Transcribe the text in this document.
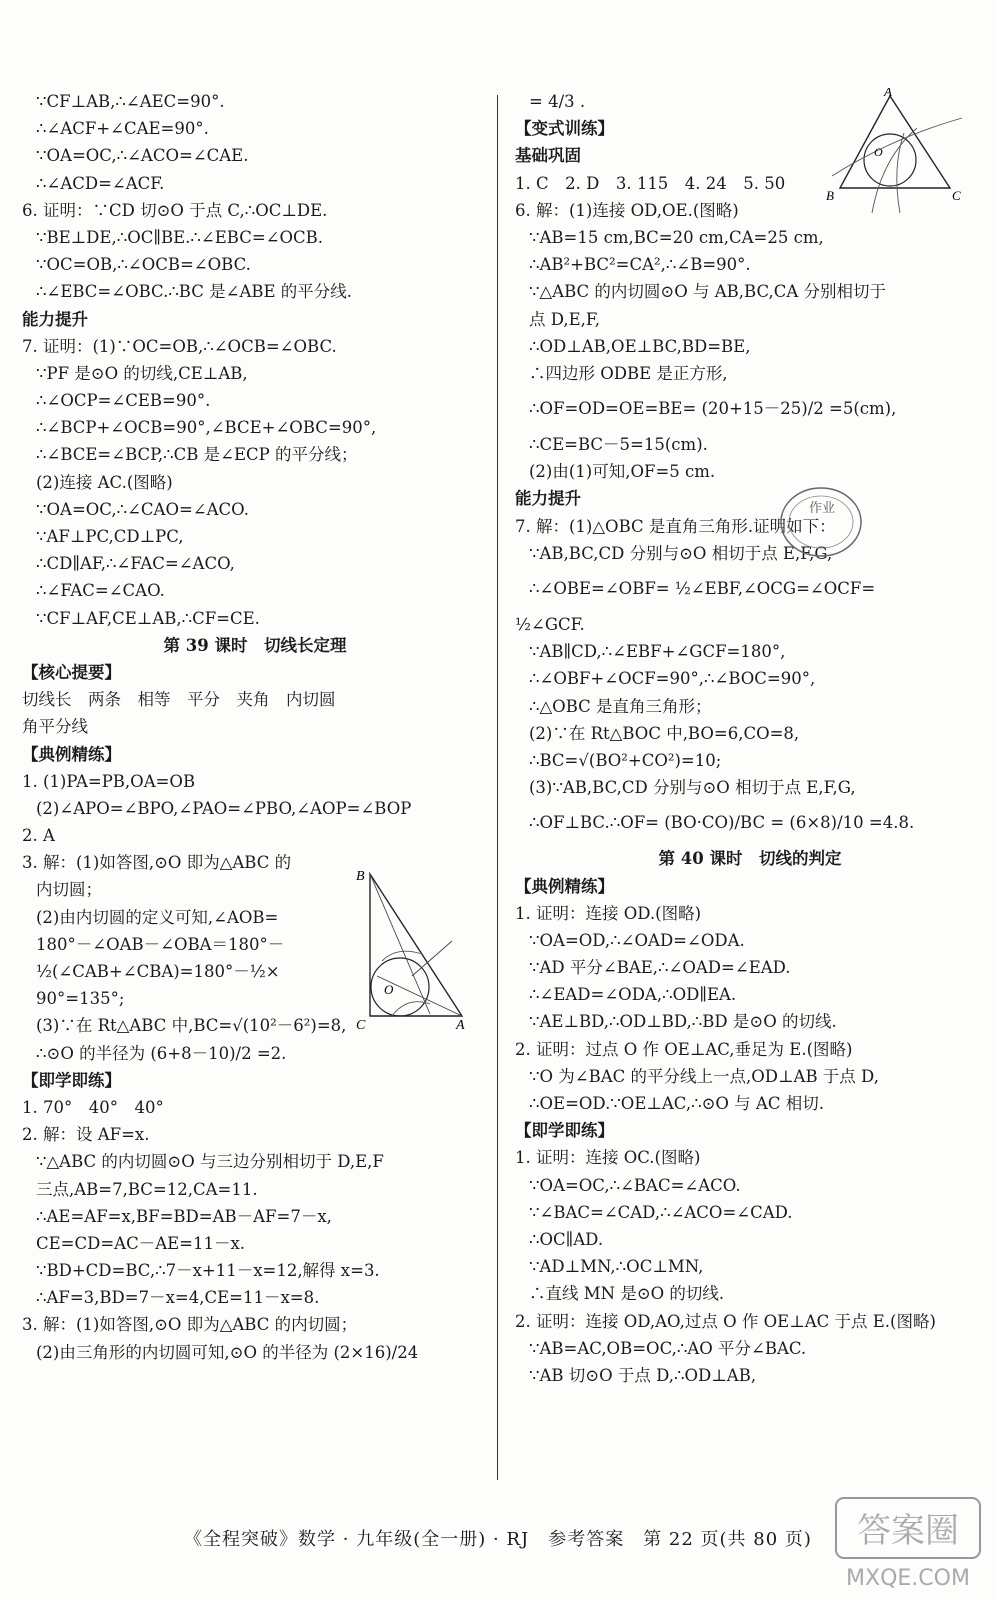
∵CF⊥AB,∴∠AEC=90°.
∴∠ACF+∠CAE=90°.
∵OA=OC,∴∠ACO=∠CAE.
∴∠ACD=∠ACF.
6. 证明：∵CD 切⊙O 于点 C,∴OC⊥DE.
∵BE⊥DE,∴OC∥BE.∴∠EBC=∠OCB.
∵OC=OB,∴∠OCB=∠OBC.
∴∠EBC=∠OBC.∴BC 是∠ABE 的平分线.
能力提升
7. 证明：(1)∵OC=OB,∴∠OCB=∠OBC.
∵PF 是⊙O 的切线,CE⊥AB,
∴∠OCP=∠CEB=90°.
∴∠BCP+∠OCB=90°,∠BCE+∠OBC=90°,
∴∠BCE=∠BCP,∴CB 是∠ECP 的平分线；
(2)连接 AC.(图略)
∵OA=OC,∴∠CAO=∠ACO.
∵AF⊥PC,CD⊥PC,
∴CD∥AF,∴∠FAC=∠ACO,
∴∠FAC=∠CAO.
∵CF⊥AF,CE⊥AB,∴CF=CE.
第 39 课时　切线长定理
【核心提要】
切线长　两条　相等　平分　夹角　内切圆
角平分线
【典例精练】
1. (1)PA=PB,OA=OB
(2)∠APO=∠BPO,∠PAO=∠PBO,∠AOP=∠BOP
2. A
3. 解：(1)如答图,⊙O 即为△ABC 的
内切圆；
(2)由内切圆的定义可知,∠AOB=
180°－∠OAB－∠OBA＝180°－
½(∠CAB+∠CBA)=180°－½×
90°=135°;
(3)∵在 Rt△ABC 中,BC=√(10²－6²)=8,
∴⊙O 的半径为 (6+8－10)/2 =2.
【即学即练】
1. 70°　40°　40°
2. 解：设 AF=x.
∵△ABC 的内切圆⊙O 与三边分别相切于 D,E,F
三点,AB=7,BC=12,CA=11.
∴AE=AF=x,BF=BD=AB－AF=7－x,
CE=CD=AC－AE=11－x.
∵BD+CD=BC,∴7－x+11－x=12,解得 x=3.
∴AF=3,BD=7－x=4,CE=11－x=8.
3. 解：(1)如答图,⊙O 即为△ABC 的内切圆；
(2)由三角形的内切圆可知,⊙O 的半径为 (2×16)/24
= 4/3 .
【变式训练】
基础巩固
1. C　2. D　3. 115　4. 24　5. 50
6. 解：(1)连接 OD,OE.(图略)
∵AB=15 cm,BC=20 cm,CA=25 cm,
∴AB²+BC²=CA²,∴∠B=90°.
∵△ABC 的内切圆⊙O 与 AB,BC,CA 分别相切于
点 D,E,F,
∴OD⊥AB,OE⊥BC,BD=BE,
∴四边形 ODBE 是正方形,
∴OF=OD=OE=BE= (20+15－25)/2 =5(cm),
∴CE=BC－5=15(cm).
(2)由(1)可知,OF=5 cm.
能力提升
7. 解：(1)△OBC 是直角三角形.证明如下：
∵AB,BC,CD 分别与⊙O 相切于点 E,F,G,
∴∠OBE=∠OBF= ½∠EBF,∠OCG=∠OCF=
½∠GCF.
∵AB∥CD,∴∠EBF+∠GCF=180°,
∴∠OBF+∠OCF=90°,∴∠BOC=90°,
∴△OBC 是直角三角形；
(2)∵在 Rt△BOC 中,BO=6,CO=8,
∴BC=√(BO²+CO²)=10;
(3)∵AB,BC,CD 分别与⊙O 相切于点 E,F,G,
∴OF⊥BC.∴OF= (BO·CO)/BC = (6×8)/10 =4.8.
第 40 课时　切线的判定
【典例精练】
1. 证明：连接 OD.(图略)
∵OA=OD,∴∠OAD=∠ODA.
∵AD 平分∠BAE,∴∠OAD=∠EAD.
∴∠EAD=∠ODA,∴OD∥EA.
∵AE⊥BD,∴OD⊥BD,∴BD 是⊙O 的切线.
2. 证明：过点 O 作 OE⊥AC,垂足为 E.(图略)
∵O 为∠BAC 的平分线上一点,OD⊥AB 于点 D,
∴OE=OD.∵OE⊥AC,∴⊙O 与 AC 相切.
【即学即练】
1. 证明：连接 OC.(图略)
∵OA=OC,∴∠BAC=∠ACO.
∵∠BAC=∠CAD,∴∠ACO=∠CAD.
∴OC∥AD.
∵AD⊥MN,∴OC⊥MN,
∴直线 MN 是⊙O 的切线.
2. 证明：连接 OD,AO,过点 O 作 OE⊥AC 于点 E.(图略)
∵AB=AC,OB=OC,∴AO 平分∠BAC.
∵AB 切⊙O 于点 D,∴OD⊥AB,
B
C	A
O
A
B	C
O
作业
答案圈
MXQE.COM
《全程突破》数学 · 九年级(全一册) · RJ　参考答案　第 22 页(共 80 页)
